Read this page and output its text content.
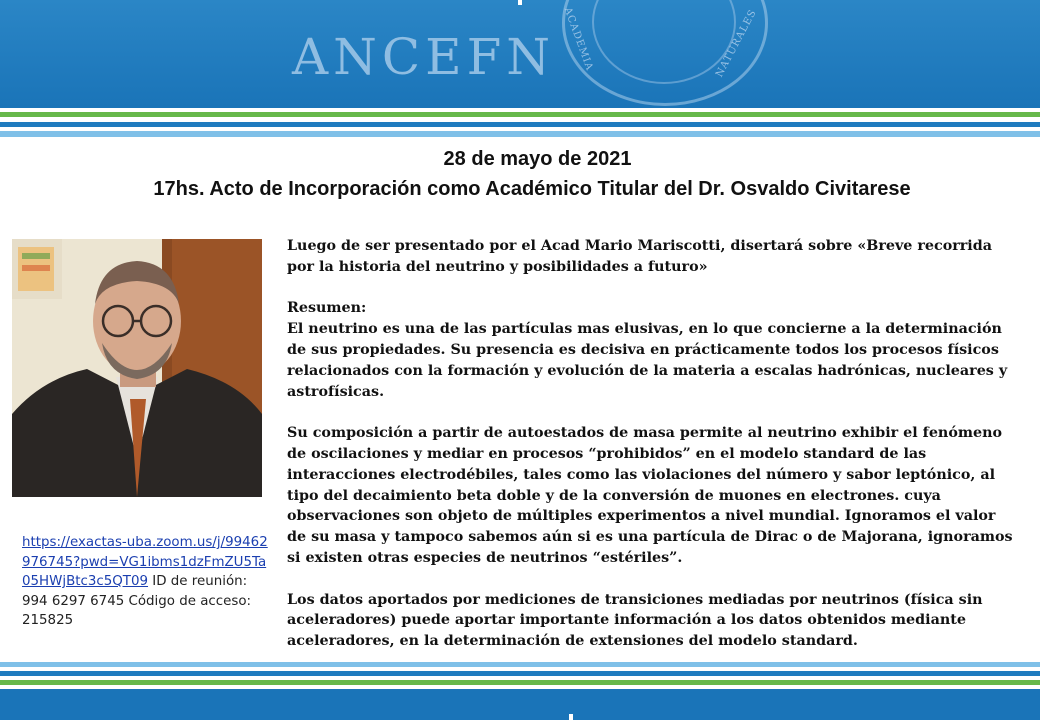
ACADEMIA	NATURALES
ANCEFN
28 de mayo de 2021
17hs. Acto de Incorporación como Académico Titular del Dr. Osvaldo Civitarese
https://exactas-uba.zoom.us/j/99462976745?pwd=VG1ibms1dzFmZU5Ta05HWjBtc3c5QT09 ID de reunión: 994 6297 6745 Código de acceso: 215825

Luego de ser presentado por el Acad Mario Mariscotti, disertará sobre «Breve recorrida por la historia del neutrino y posibilidades a futuro»

Resumen:
El neutrino es una de las partículas mas elusivas, en lo que concierne a la determinación de sus propiedades. Su presencia es decisiva en prácticamente todos los procesos físicos relacionados con la formación y evolución de la materia a escalas hadrónicas, nucleares y astrofísicas.

Su composición a partir de autoestados de masa permite al neutrino exhibir el fenómeno de oscilaciones y mediar en procesos “prohibidos” en el modelo standard de las interacciones electrodébiles, tales como las violaciones del número y sabor leptónico, al tipo del decaimiento beta doble y de la conversión de muones en electrones. cuya observaciones son objeto de múltiples experimentos a nivel mundial. Ignoramos el valor de su masa y tampoco sabemos aún si es una partícula de Dirac o de Majorana, ignoramos si existen otras especies de neutrinos “estériles”.

Los datos aportados por mediciones de transiciones mediadas por neutrinos (física sin aceleradores) puede aportar importante información a los datos obtenidos mediante aceleradores, en la determinación de extensiones del modelo standard.
